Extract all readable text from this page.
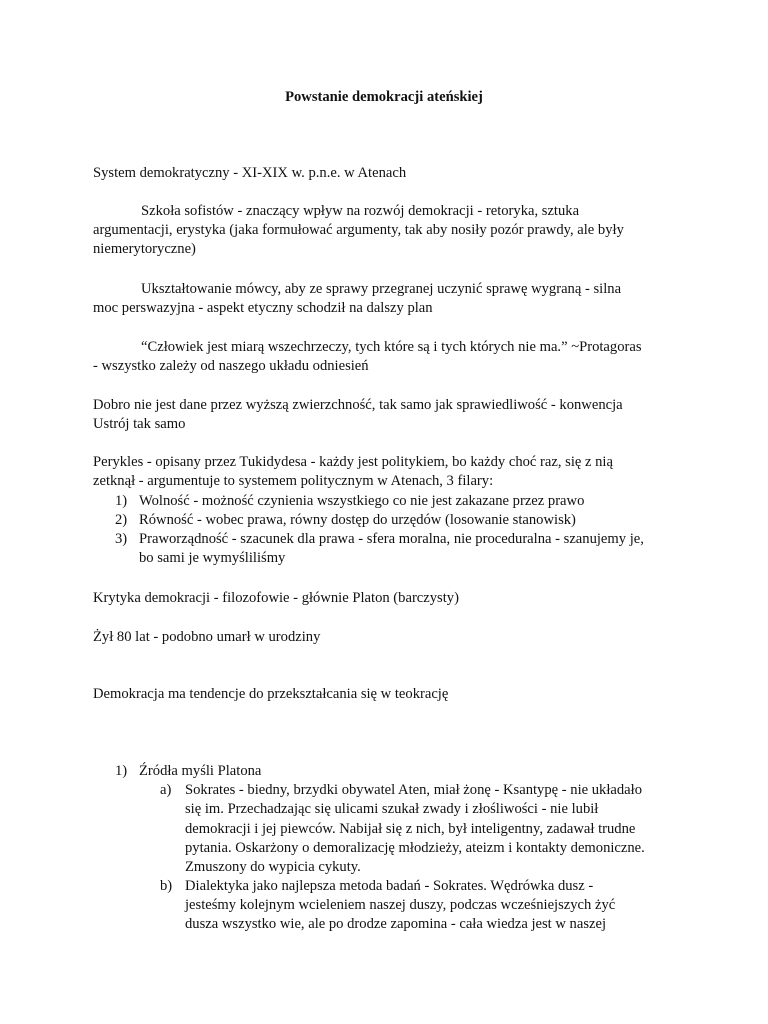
Powstanie demokracji ateńskiej
System demokratyczny - XI-XIX w. p.n.e. w Atenach
Szkoła sofistów - znaczący wpływ na rozwój demokracji - retoryka, sztuka
argumentacji, erystyka (jaka formułować argumenty, tak aby nosiły pozór prawdy, ale były
niemerytoryczne)
Ukształtowanie mówcy, aby ze sprawy przegranej uczynić sprawę wygraną - silna
moc perswazyjna - aspekt etyczny schodził na dalszy plan
“Człowiek jest miarą wszechrzeczy, tych które są i tych których nie ma.” ~Protagoras
- wszystko zależy od naszego układu odniesień
Dobro nie jest dane przez wyższą zwierzchność, tak samo jak sprawiedliwość - konwencja
Ustrój tak samo
Perykles - opisany przez Tukidydesa - każdy jest politykiem, bo każdy choć raz, się z nią
zetknął - argumentuje to systemem politycznym w Atenach, 3 filary:
1) Wolność - możność czynienia wszystkiego co nie jest zakazane przez prawo
2) Równość - wobec prawa, równy dostęp do urzędów (losowanie stanowisk)
3) Praworządność - szacunek dla prawa - sfera moralna, nie proceduralna - szanujemy je,
bo sami je wymyśliliśmy
Krytyka demokracji - filozofowie - głównie Platon (barczysty)
Żył 80 lat - podobno umarł w urodziny
Demokracja ma tendencje do przekształcania się w teokrację
1) Źródła myśli Platona
a) Sokrates - biedny, brzydki obywatel Aten, miał żonę - Ksantypę - nie układało
się im. Przechadzając się ulicami szukał zwady i złośliwości - nie lubił
demokracji i jej piewców. Nabijał się z nich, był inteligentny, zadawał trudne
pytania. Oskarżony o demoralizację młodzieży, ateizm i kontakty demoniczne.
Zmuszony do wypicia cykuty.
b) Dialektyka jako najlepsza metoda badań - Sokrates. Wędrówka dusz -
jesteśmy kolejnym wcieleniem naszej duszy, podczas wcześniejszych żyć
dusza wszystko wie, ale po drodze zapomina - cała wiedza jest w naszej
